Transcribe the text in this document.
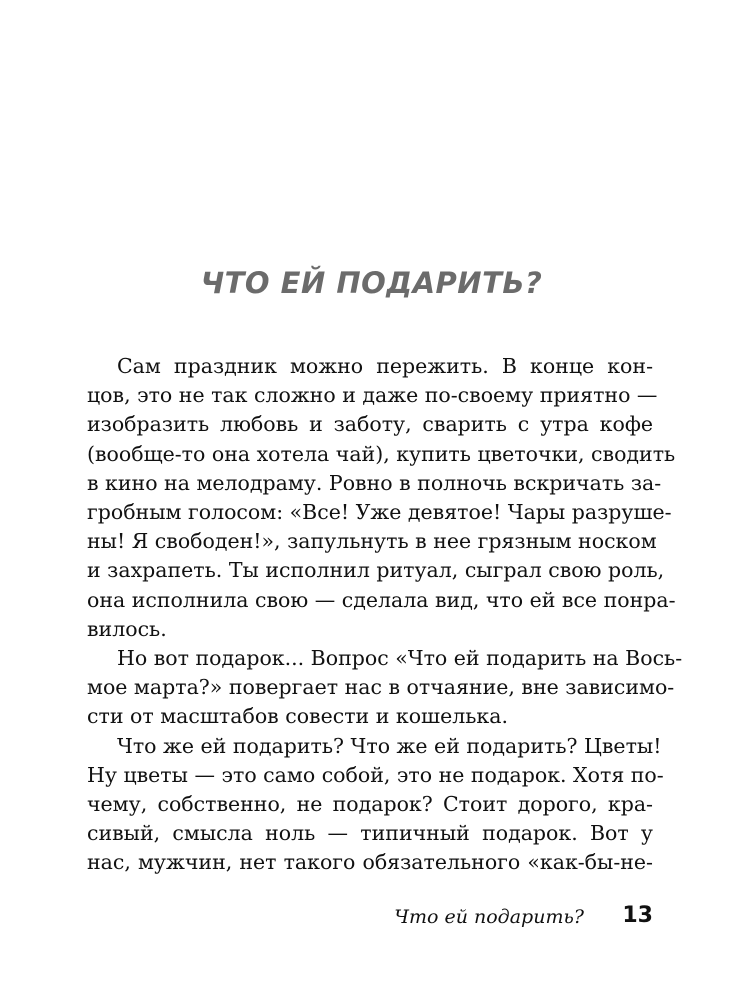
ЧТО ЕЙ ПОДАРИТЬ?
Сам праздник можно пережить. В конце кон-
цов, это не так сложно и даже по-своему приятно —
изобразить любовь и заботу, сварить с утра кофе
(вообще-то она хотела чай), купить цветочки, сводить
в кино на мелодраму. Ровно в полночь вскричать за-
гробным голосом: «Все! Уже девятое! Чары разруше-
ны! Я свободен!», запульнуть в нее грязным носком
и захрапеть. Ты исполнил ритуал, сыграл свою роль,
она исполнила свою — сделала вид, что ей все понра-
вилось.
Но вот подарок... Вопрос «Что ей подарить на Вось-
мое марта?» повергает нас в отчаяние, вне зависимо-
сти от масштабов совести и кошелька.
Что же ей подарить? Что же ей подарить? Цветы!
Ну цветы — это само собой, это не подарок. Хотя по-
чему, собственно, не подарок? Стоит дорого, кра-
сивый, смысла ноль — типичный подарок. Вот у
нас, мужчин, нет такого обязательного «как-бы-не-
Что ей подарить? 13
